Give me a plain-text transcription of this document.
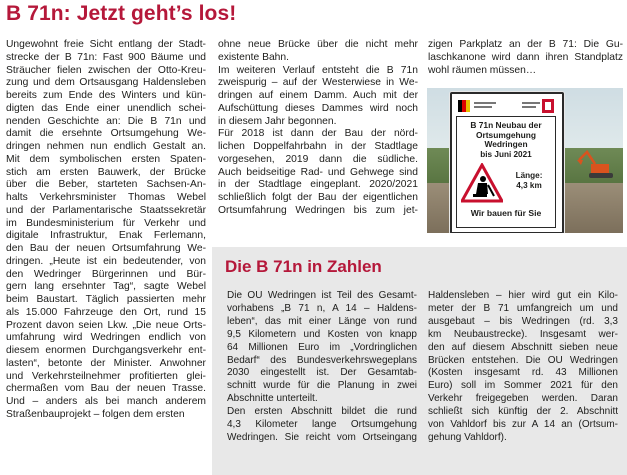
B 71n: Jetzt geht’s los!
Ungewohnt freie Sicht entlang der Stadt-
strecke der B 71n: Fast 900 Bäume und
Sträucher fielen zwischen der Otto-Kreu-
zung und dem Ortsausgang Haldensleben
bereits zum Ende des Winters und kün-
digten das Ende einer unendlich schei-
nenden Geschichte an: Die B 71n und
damit die ersehnte Ortsumgehung We-
dringen nehmen nun endlich Gestalt an.
Mit dem symbolischen ersten Spaten-
stich am ersten Bauwerk, der Brücke
über die Beber, starteten Sachsen-An-
halts Verkehrsminister Thomas Webel
und der Parlamentarische Staatssekretär
im Bundesministerium für Verkehr und
digitale Infrastruktur, Enak Ferlemann,
den Bau der neuen Ortsumfahrung We-
dringen. „Heute ist ein bedeutender, von
den Wedringer Bürgerinnen und Bür-
gern lang ersehnter Tag“, sagte Webel
beim Baustart. Täglich passierten mehr
als 15.000 Fahrzeuge den Ort, rund 15
Prozent davon seien Lkw. „Die neue Orts-
umfahrung wird Wedringen endlich von
diesem enormen Durchgangsverkehr ent-
lasten“, betonte der Minister. Anwohner
und Verkehrsteilnehmer profitierten glei-
chermaßen vom Bau der neuen Trasse.
Und – anders als bei manch anderem
Straßenbauprojekt – folgen dem ersten
ohne neue Brücke über die nicht mehr
existente Bahn.
Im weiteren Verlauf entsteht die B 71n
zweispurig – auf der Westerwiese in We-
dringen auf einem Damm. Auch mit der
Aufschüttung dieses Dammes wird noch
in diesem Jahr begonnen.
Für 2018 ist dann der Bau der nörd-
lichen Doppelfahrbahn in der Stadtlage
vorgesehen, 2019 dann die südliche.
Auch beidseitige Rad- und Gehwege sind
in der Stadtlage eingeplant. 2020/2021
schließlich folgt der Bau der eigentlichen
Ortsumfahrung Wedringen bis zum jet-
zigen Parkplatz an der B 71: Die Gu-
laschkanone wird dann ihren Standplatz
wohl räumen müssen…
B 71n Neubau der
Ortsumgehung
Wedringen
bis Juni 2021
Länge:
4,3 km
Wir bauen für Sie
Die B 71n in Zahlen
Die OU Wedringen ist Teil des Gesamt-
vorhabens „B 71 n, A 14 – Haldens-
leben“, das mit einer Länge von rund
9,5 Kilometern und Kosten von knapp
64 Millionen Euro im „Vordringlichen
Bedarf“ des Bundesverkehrswegeplans
2030 eingestellt ist. Der Gesamtab-
schnitt wurde für die Planung in zwei
Abschnitte unterteilt.
Den ersten Abschnitt bildet die rund
4,3 Kilometer lange Ortsumgehung
Wedringen. Sie reicht vom Ortseingang
Haldensleben – hier wird gut ein Kilo-
meter der B 71 umfangreich um und
ausgebaut – bis Wedringen (rd. 3,3
km Neubaustrecke). Insgesamt wer-
den auf diesem Abschnitt sieben neue
Brücken entstehen. Die OU Wedringen
(Kosten insgesamt rd. 43 Millionen
Euro) soll im Sommer 2021 für den
Verkehr freigegeben werden. Daran
schließt sich künftig der 2. Abschnitt
von Vahldorf bis zur A 14 an (Ortsum-
gehung Vahldorf).
